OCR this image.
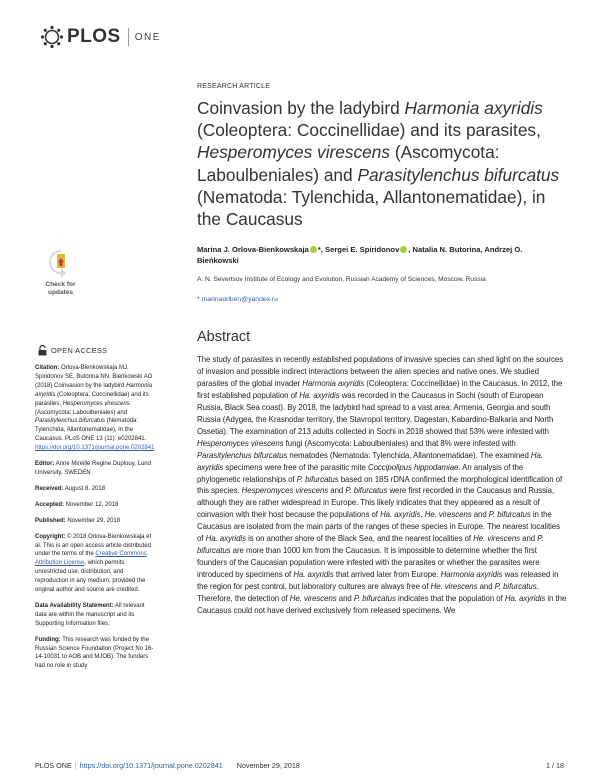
PLOS ONE
RESEARCH ARTICLE
Coinvasion by the ladybird Harmonia axyridis (Coleoptera: Coccinellidae) and its parasites, Hesperomyces virescens (Ascomycota: Laboulbeniales) and Parasitylenchus bifurcatus (Nematoda: Tylenchida, Allantonematidae), in the Caucasus
Marina J. Orlova-Bienkowskaja *, Sergei E. Spiridonov , Natalia N. Butorina, Andrzej O. Bieńkowski
A. N. Severtsov Institute of Ecology and Evolution, Russian Academy of Sciences, Moscow, Russia
* marinaorlben@yandex.ru
Check for
updates
OPEN ACCESS

Citation: Orlova-Bienkowskaja MJ, Spiridonov SE, Butorina NN, Bieńkowski AO (2018) Coinvasion by the ladybird Harmonia axyridis (Coleoptera: Coccinellidae) and its parasites, Hesperomyces virescens (Ascomycota: Laboulbeniales) and Parasitylenchus bifurcatus (Nematoda: Tylenchida, Allantonematidae), in the Caucasus. PLoS ONE 13 (11): e0202841. https://doi.org/10.1371/journal.pone.0202841

Editor: Anne Mireille Regine Duplouy, Lund University, SWEDEN

Received: August 8, 2018

Accepted: November 12, 2018

Published: November 29, 2018

Copyright: © 2018 Orlova-Bienkowskaja et al. This is an open access article distributed under the terms of the Creative Commons Attribution License, which permits unrestricted use, distribution, and reproduction in any medium, provided the original author and source are credited.

Data Availability Statement: All relevant data are within the manuscript and its Supporting Information files.

Funding: This research was funded by the Russian Science Foundation (Project No 16-14-10031 to AOB and MJOB). The funders had no role in study

Abstract

The study of parasites in recently established populations of invasive species can shed light on the sources of invasion and possible indirect interactions between the alien species and native ones. We studied parasites of the global invader Harmonia axyridis (Coleoptera: Coccinellidae) in the Caucasus. In 2012, the first established population of Ha. axyridis was recorded in the Caucasus in Sochi (south of European Russia, Black Sea coast). By 2018, the ladybird had spread to a vast area: Armenia, Georgia and south Russia (Adygea, the Krasnodar territory, the Stavropol territory, Dagestan, Kabardino-Balkaria and North Ossetia). The examination of 213 adults collected in Sochi in 2018 showed that 53% were infested with Hesperomyces virescens fungi (Ascomycota: Laboulbeniales) and that 8% were infested with Parasitylenchus bifurcatus nematodes (Nematoda: Tylenchida, Allantonematidae). The examined Ha. axyridis specimens were free of the parasitic mite Coccipolipus hippodamiae. An analysis of the phylogenetic relationships of P. bifurcatus based on 18S rDNA confirmed the morphological identification of this species. Hesperomyces virescens and P. bifurcatus were first recorded in the Caucasus and Russia, although they are rather widespread in Europe. This likely indicates that they appeared as a result of coinvasion with their host because the populations of Ha. axyridis, He. virescens and P. bifurcatus in the Caucasus are isolated from the main parts of the ranges of these species in Europe. The nearest localities of Ha. axyridis is on another shore of the Black Sea, and the nearest localities of He. virescens and P. bifurcatus are more than 1000 km from the Caucasus. It is impossible to determine whether the first founders of the Caucasian population were infested with the parasites or whether the parasites were introduced by specimens of Ha. axyridis that arrived later from Europe. Harmonia axyridis was released in the region for pest control, but laboratory cultures are always free of He. virescens and P. bifurcatus. Therefore, the detection of He. virescens and P. bifurcatus indicates that the population of Ha. axyridis in the Caucasus could not have derived exclusively from released specimens. We

PLOS ONE | https://doi.org/10.1371/journal.pone.0202841 November 29, 2018	1 / 18
